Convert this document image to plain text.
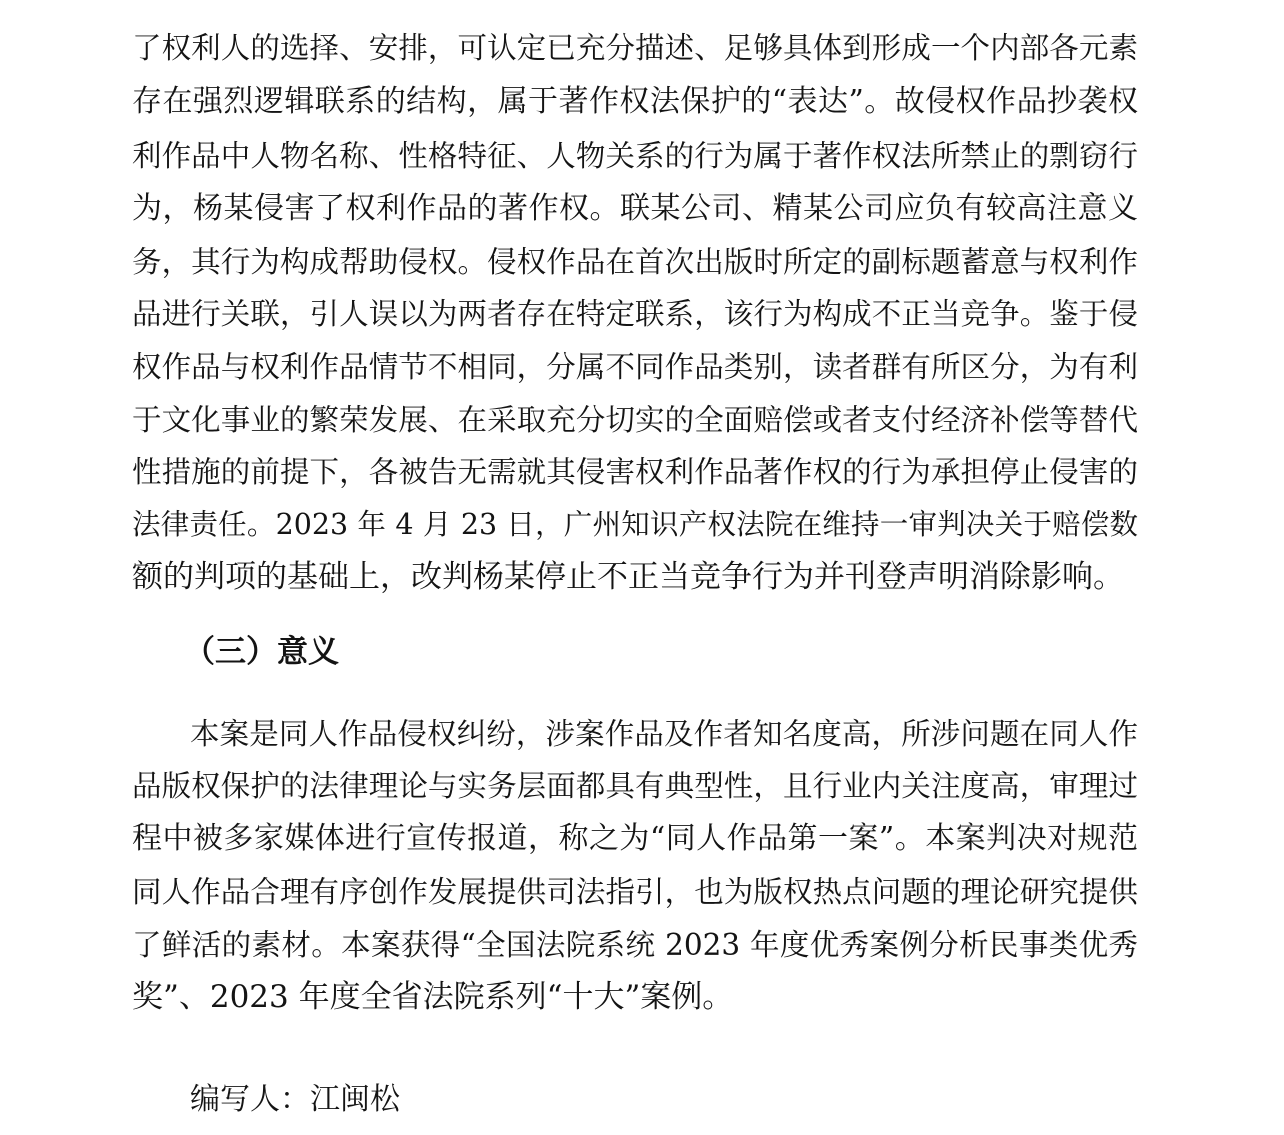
了权利人的选择、安排，可认定已充分描述、足够具体到形成一个内部各元素
存在强烈逻辑联系的结构，属于著作权法保护的“表达”。故侵权作品抄袭权
利作品中人物名称、性格特征、人物关系的行为属于著作权法所禁止的剽窃行
为，杨某侵害了权利作品的著作权。联某公司、精某公司应负有较高注意义
务，其行为构成帮助侵权。侵权作品在首次出版时所定的副标题蓄意与权利作
品进行关联，引人误以为两者存在特定联系，该行为构成不正当竞争。鉴于侵
权作品与权利作品情节不相同，分属不同作品类别，读者群有所区分，为有利
于文化事业的繁荣发展、在采取充分切实的全面赔偿或者支付经济补偿等替代
性措施的前提下，各被告无需就其侵害权利作品著作权的行为承担停止侵害的
法律责任。2023 年 4 月 23 日，广州知识产权法院在维持一审判决关于赔偿数
额的判项的基础上，改判杨某停止不正当竞争行为并刊登声明消除影响。
（三）意义
本案是同人作品侵权纠纷，涉案作品及作者知名度高，所涉问题在同人作
品版权保护的法律理论与实务层面都具有典型性，且行业内关注度高，审理过
程中被多家媒体进行宣传报道，称之为“同人作品第一案”。本案判决对规范
同人作品合理有序创作发展提供司法指引，也为版权热点问题的理论研究提供
了鲜活的素材。本案获得“全国法院系统 2023 年度优秀案例分析民事类优秀
奖”、2023 年度全省法院系列“十大”案例。
编写人：江闽松
